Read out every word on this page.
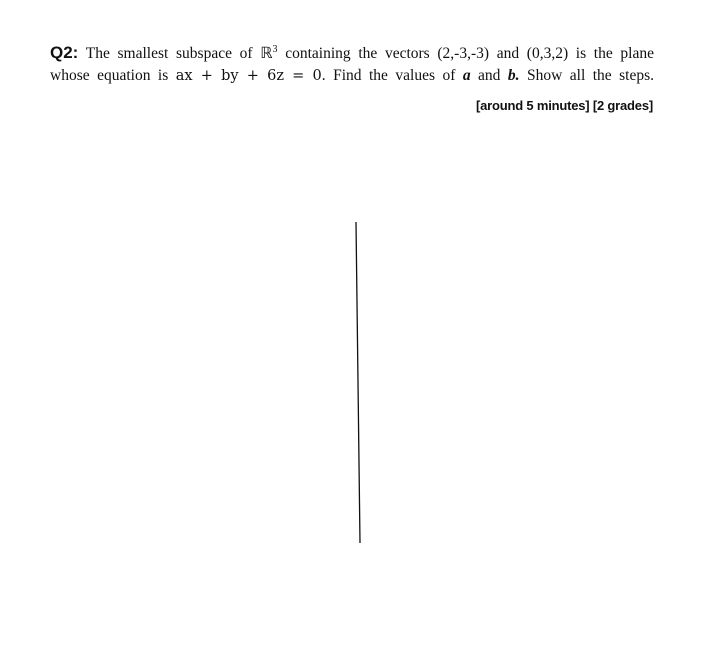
Q2: The smallest subspace of ℝ$^3$ containing the vectors (2,-3,-3) and (0,3,2) is the plane
whose equation is ax + by + 6z = 0. Find the values of a and b. Show all the steps.
[around 5 minutes] [2 grades]
